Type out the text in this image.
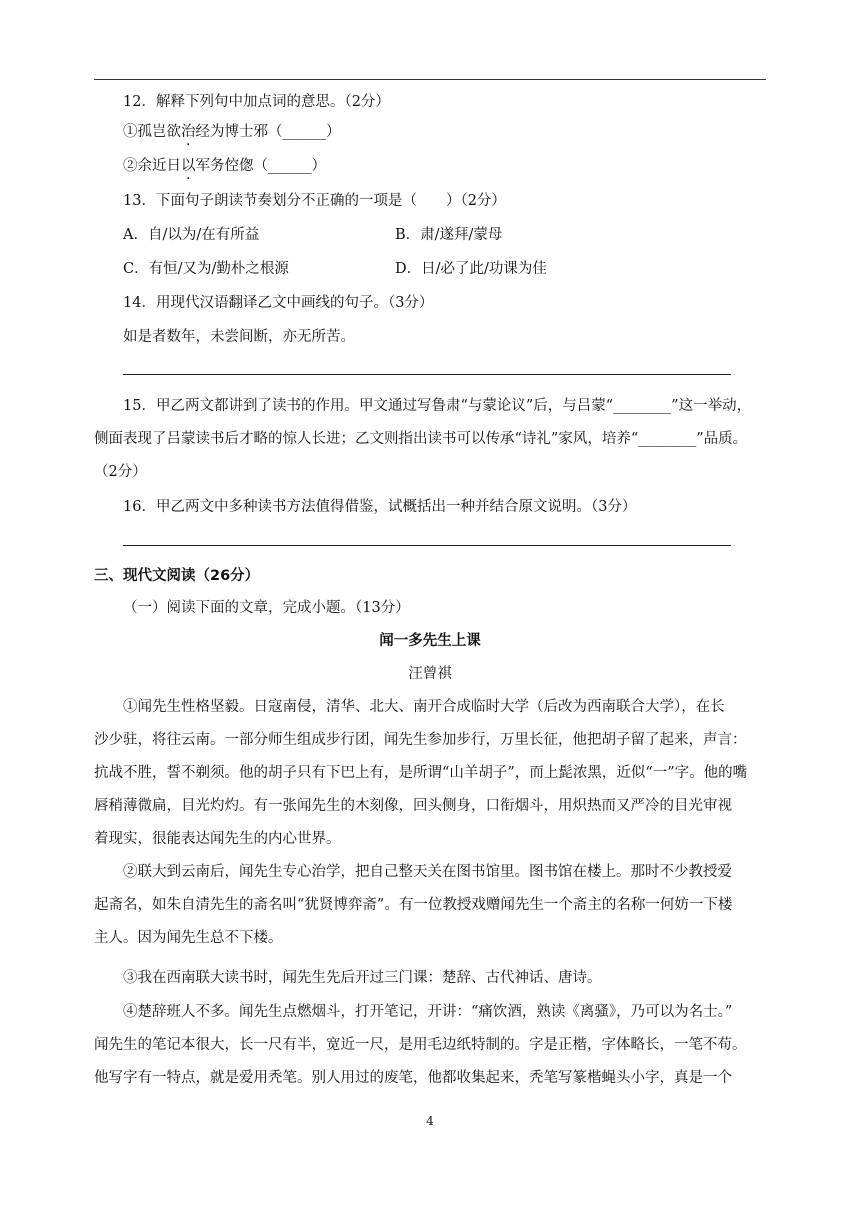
12．解释下列句中加点词的意思。（2分）
①孤岂欲治经为博士邪（______）
②余近日以军务倥偬（______）
13．下面句子朗读节奏划分不正确的一项是（　　）（2分）
A．自/以为/在有所益	B．肃/遂拜/蒙母
C．有恒/又为/勤朴之根源	D．日/必了此/功课为佳
14．用现代汉语翻译乙文中画线的句子。（3分）
如是者数年，未尝间断，亦无所苦。
15．甲乙两文都讲到了读书的作用。甲文通过写鲁肃“与蒙论议”后，与吕蒙“________”这一举动，
侧面表现了吕蒙读书后才略的惊人长进；乙文则指出读书可以传承“诗礼”家风，培养“________”品质。
（2分）
16．甲乙两文中多种读书方法值得借鉴，试概括出一种并结合原文说明。（3分）
三、现代文阅读（26分）
（一）阅读下面的文章，完成小题。（13分）
闻一多先生上课
汪曾祺
①闻先生性格坚毅。日寇南侵，清华、北大、南开合成临时大学（后改为西南联合大学），在长
沙少驻，将往云南。一部分师生组成步行团，闻先生参加步行，万里长征，他把胡子留了起来，声言：
抗战不胜，誓不剃须。他的胡子只有下巴上有，是所谓“山羊胡子”，而上髭浓黑，近似“一”字。他的嘴
唇稍薄微扁，目光灼灼。有一张闻先生的木刻像，回头侧身，口衔烟斗，用炽热而又严冷的目光审视
着现实，很能表达闻先生的内心世界。
②联大到云南后，闻先生专心治学，把自己整天关在图书馆里。图书馆在楼上。那时不少教授爱
起斋名，如朱自清先生的斋名叫“犹贤博弈斋”。有一位教授戏赠闻先生一个斋主的名称一何妨一下楼
主人。因为闻先生总不下楼。
③我在西南联大读书时，闻先生先后开过三门课：楚辞、古代神话、唐诗。
④楚辞班人不多。闻先生点燃烟斗，打开笔记，开讲：“痛饮酒，熟读《离骚》，乃可以为名士。”
闻先生的笔记本很大，长一尺有半，宽近一尺，是用毛边纸特制的。字是正楷，字体略长，一笔不苟。
他写字有一特点，就是爱用秃笔。别人用过的废笔，他都收集起来，秃笔写篆楷蝇头小字，真是一个
4
